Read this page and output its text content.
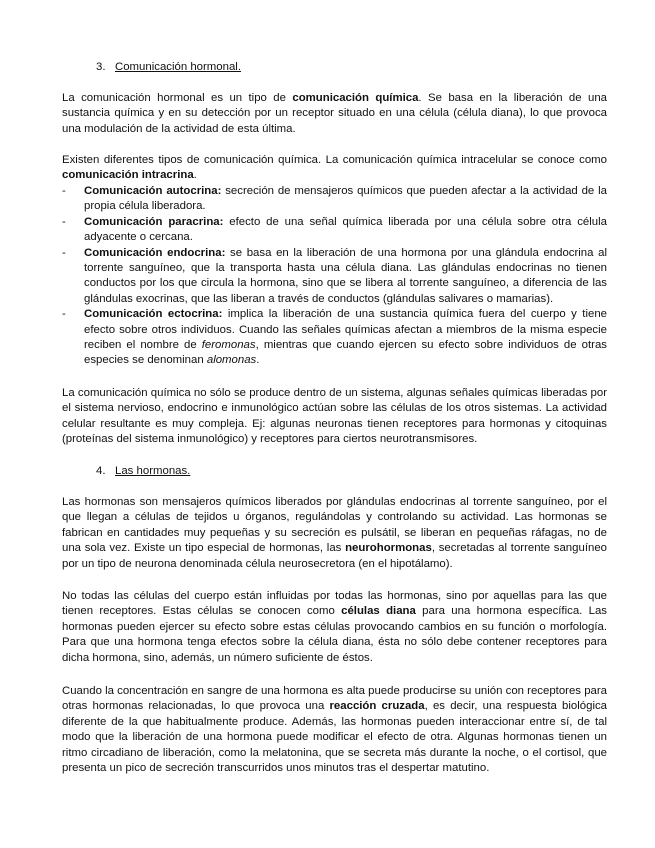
3. Comunicación hormonal.

La comunicación hormonal es un tipo de comunicación química. Se basa en la liberación de una sustancia química y en su detección por un receptor situado en una célula (célula diana), lo que provoca una modulación de la actividad de esta última.

Existen diferentes tipos de comunicación química. La comunicación química intracelular se conoce como comunicación intracrina.

- Comunicación autocrina: secreción de mensajeros químicos que pueden afectar a la actividad de la propia célula liberadora.
- Comunicación paracrina: efecto de una señal química liberada por una célula sobre otra célula adyacente o cercana.
- Comunicación endocrina: se basa en la liberación de una hormona por una glándula endocrina al torrente sanguíneo, que la transporta hasta una célula diana. Las glándulas endocrinas no tienen conductos por los que circula la hormona, sino que se libera al torrente sanguíneo, a diferencia de las glándulas exocrinas, que las liberan a través de conductos (glándulas salivares o mamarias).
- Comunicación ectocrina: implica la liberación de una sustancia química fuera del cuerpo y tiene efecto sobre otros individuos. Cuando las señales químicas afectan a miembros de la misma especie reciben el nombre de feromonas, mientras que cuando ejercen su efecto sobre individuos de otras especies se denominan alomonas.

La comunicación química no sólo se produce dentro de un sistema, algunas señales químicas liberadas por el sistema nervioso, endocrino e inmunológico actúan sobre las células de los otros sistemas. La actividad celular resultante es muy compleja. Ej: algunas neuronas tienen receptores para hormonas y citoquinas (proteínas del sistema inmunológico) y receptores para ciertos neurotransmisores.

4. Las hormonas.

Las hormonas son mensajeros químicos liberados por glándulas endocrinas al torrente sanguíneo, por el que llegan a células de tejidos u órganos, regulándolas y controlando su actividad. Las hormonas se fabrican en cantidades muy pequeñas y su secreción es pulsátil, se liberan en pequeñas ráfagas, no de una sola vez. Existe un tipo especial de hormonas, las neurohormonas, secretadas al torrente sanguíneo por un tipo de neurona denominada célula neurosecretora (en el hipotálamo).

No todas las células del cuerpo están influidas por todas las hormonas, sino por aquellas para las que tienen receptores. Estas células se conocen como células diana para una hormona específica. Las hormonas pueden ejercer su efecto sobre estas células provocando cambios en su función o morfología. Para que una hormona tenga efectos sobre la célula diana, ésta no sólo debe contener receptores para dicha hormona, sino, además, un número suficiente de éstos.

Cuando la concentración en sangre de una hormona es alta puede producirse su unión con receptores para otras hormonas relacionadas, lo que provoca una reacción cruzada, es decir, una respuesta biológica diferente de la que habitualmente produce. Además, las hormonas pueden interaccionar entre sí, de tal modo que la liberación de una hormona puede modificar el efecto de otra. Algunas hormonas tienen un ritmo circadiano de liberación, como la melatonina, que se secreta más durante la noche, o el cortisol, que presenta un pico de secreción transcurridos unos minutos tras el despertar matutino.
